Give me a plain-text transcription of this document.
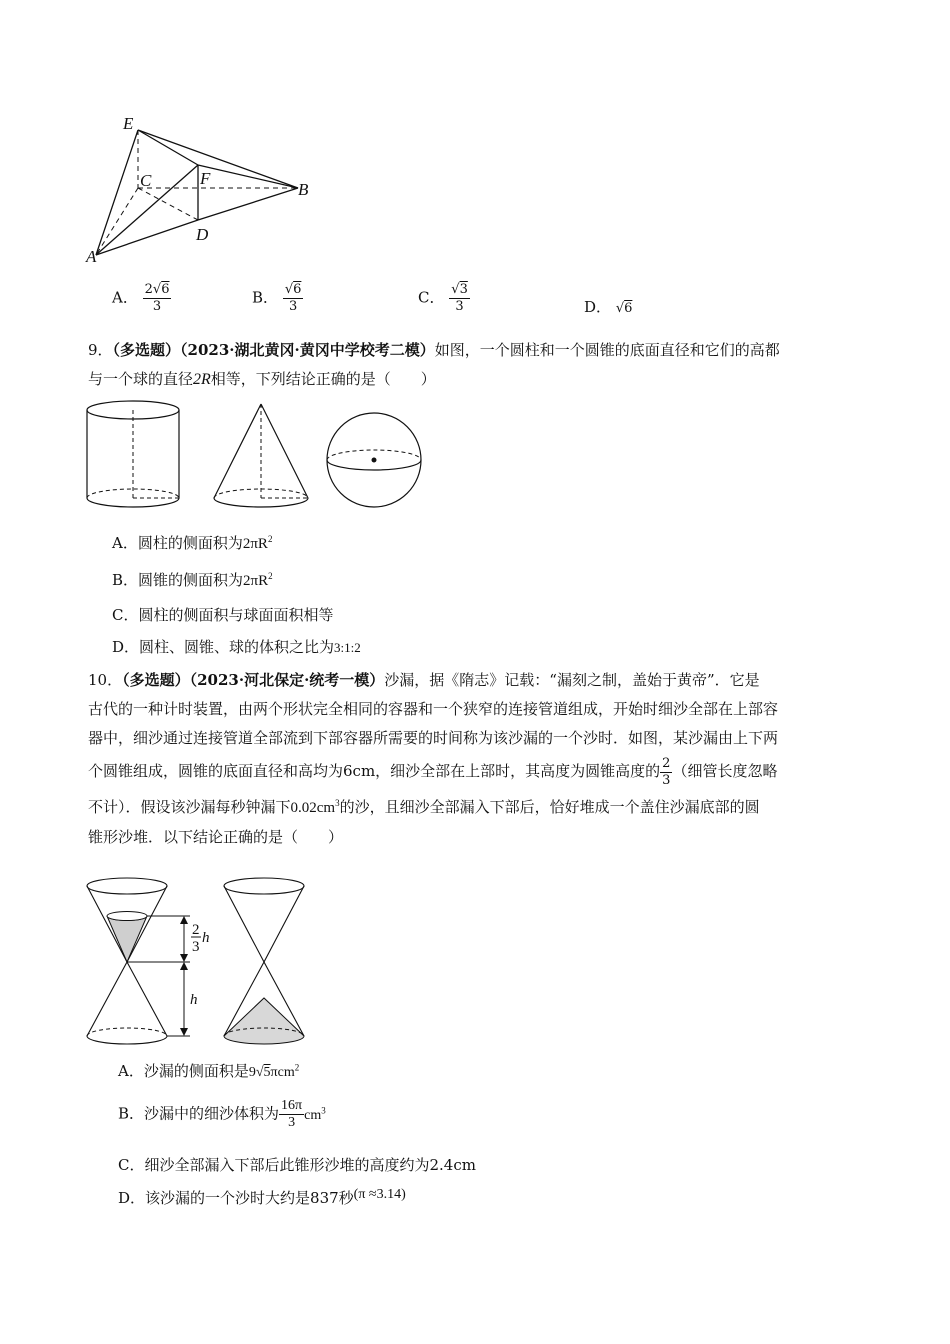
E
C	F
B
D
A
A． $\frac{2√6}{3}$	B． $\frac{√6}{3}$	C． $\frac{√3}{3}$	D． √6
9．（多选题）（2023·湖北黄冈·黄冈中学校考二模）如图，一个圆柱和一个圆锥的底面直径和它们的高都
与一个球的直径2R相等，下列结论正确的是（　　）
A．圆柱的侧面积为$2\pi R^2$
B．圆锥的侧面积为$2\pi R^2$
C．圆柱的侧面积与球面面积相等
D．圆柱、圆锥、球的体积之比为3:1:2
10．（多选题）（2023·河北保定·统考一模）沙漏，据《隋志》记载：“漏刻之制，盖始于黄帝”．它是
古代的一种计时装置，由两个形状完全相同的容器和一个狭窄的连接管道组成，开始时细沙全部在上部容
器中，细沙通过连接管道全部流到下部容器所需要的时间称为该沙漏的一个沙时．如图，某沙漏由上下两
个圆锥组成，圆锥的底面直径和高均为6cm，细沙全部在上部时，其高度为圆锥高度的 $\frac{2}{3}$ （细管长度忽略
不计）．假设该沙漏每秒钟漏下$0.02cm^3$的沙，且细沙全部漏入下部后，恰好堆成一个盖住沙漏底部的圆
锥形沙堆．以下结论正确的是（　　）
2
3
h
h
A．沙漏的侧面积是9√5πcm$^2$
B．沙漏中的细沙体积为 $\frac{16\pi}{3} cm^3$
C．细沙全部漏入下部后此锥形沙堆的高度约为2.4cm
D．该沙漏的一个沙时大约是837秒(π ≈3.14)
